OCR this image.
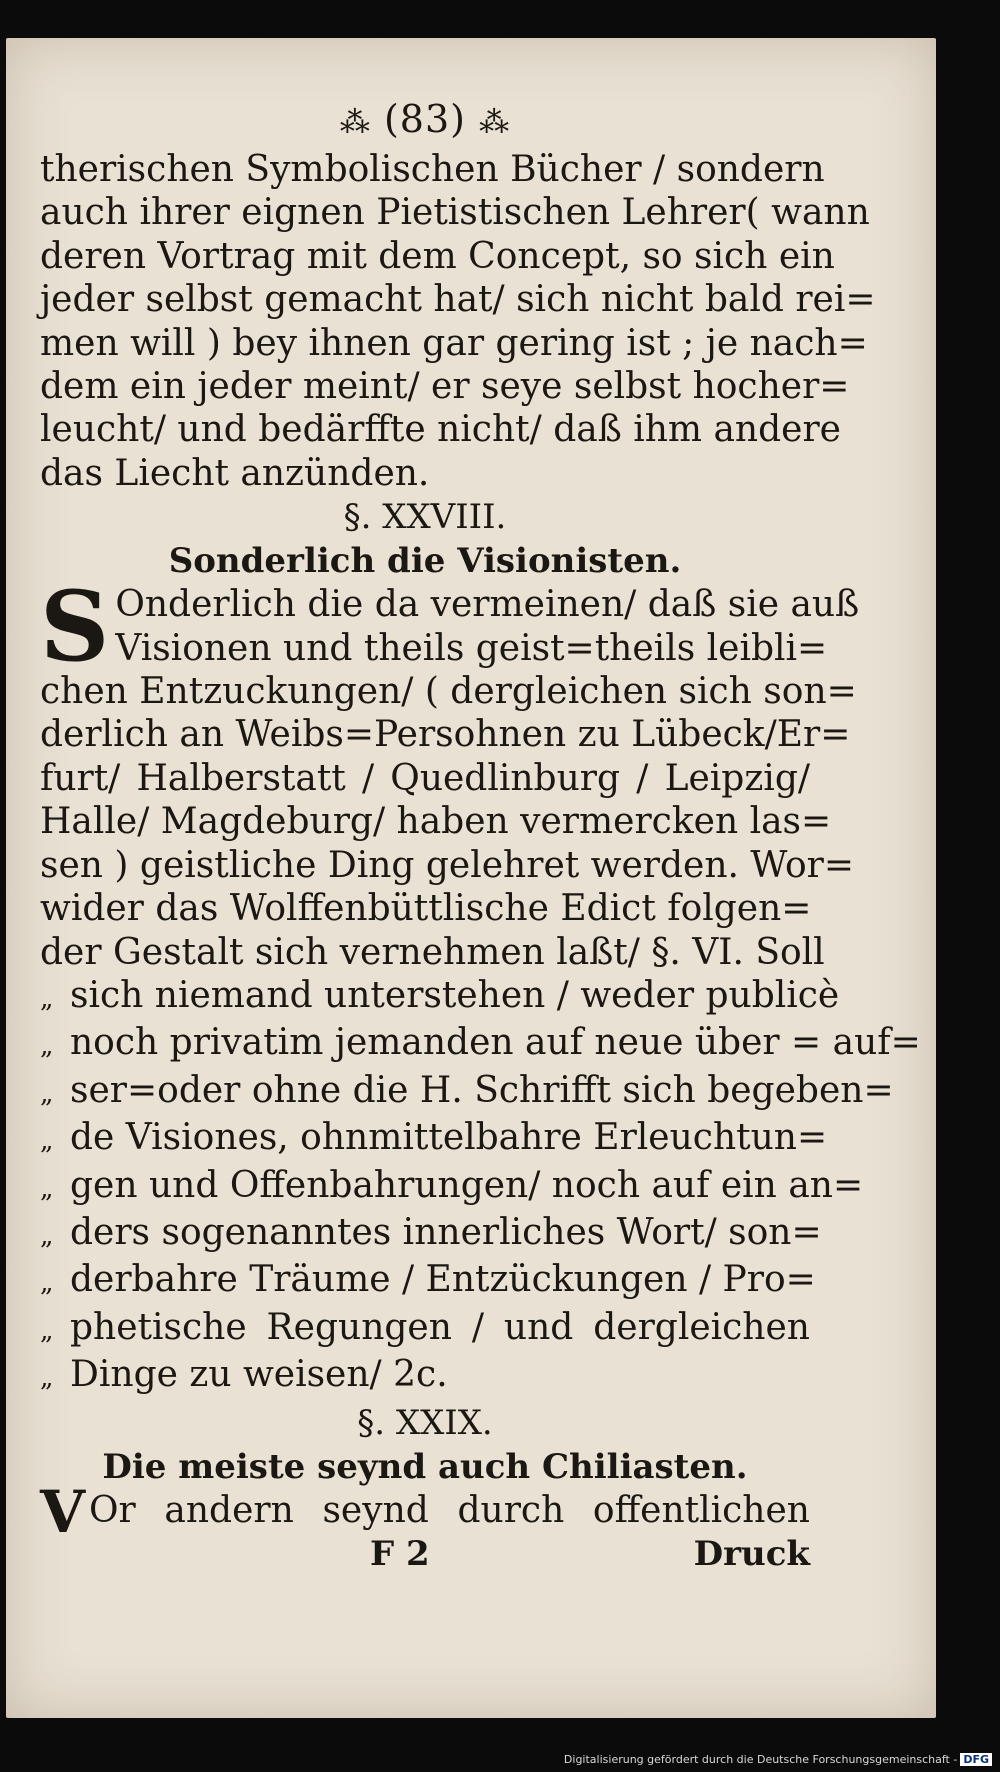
⁂ (83) ⁂
therischen Symbolischen Bücher / sondern
auch ihrer eignen Pietistischen Lehrer( wann
deren Vortrag mit dem Concept, so sich ein
jeder selbst gemacht hat/ sich nicht bald rei=
men will ) bey ihnen gar gering ist ; je nach=
dem ein jeder meint/ er seye selbst hocher=
leucht/ und bedärffte nicht/ daß ihm andere
das Liecht anzünden.
§. XXVIII.
Sonderlich die Visionisten.
S Onderlich die da vermeinen/ daß sie auß
Visionen und theils geist=theils leibli=
chen Entzuckungen/ ( dergleichen sich son=
derlich an Weibs=Persohnen zu Lübeck/Er=
furt/ Halberstatt / Quedlinburg / Leipzig/
Halle/ Magdeburg/ haben vermercken las=
sen ) geistliche Ding gelehret werden. Wor=
wider das Wolffenbüttlische Edict folgen=
der Gestalt sich vernehmen laßt/ §. VI. Soll
„ sich niemand unterstehen / weder publicè
„ noch privatim jemanden auf neue über = auf=
„ ser=oder ohne die H. Schrifft sich begeben=
„ de Visiones, ohnmittelbahre Erleuchtun=
„ gen und Offenbahrungen/ noch auf ein an=
„ ders sogenanntes innerliches Wort/ son=
„ derbahre Träume / Entzückungen / Pro=
„ phetische Regungen / und dergleichen
„ Dinge zu weisen/ 2c.
§. XXIX.
Die meiste seynd auch Chiliasten.
V Or andern seynd durch offentlichen
F 2	Druck
Digitalisierung gefördert durch die Deutsche Forschungsgemeinschaft - DFG
